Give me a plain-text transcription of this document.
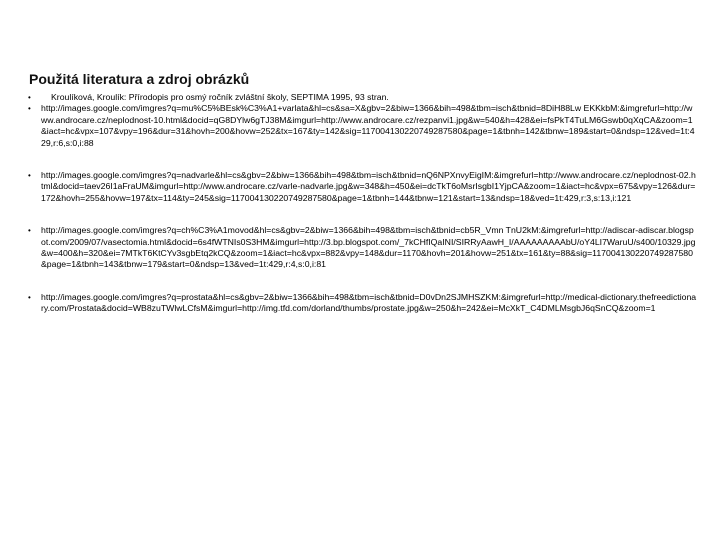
Použitá literatura a zdroj obrázků
•	Kroulíková, Kroulík: Přírodopis pro osmý ročník zvláštní školy, SEPTIMA 1995, 93 stran.
• http://images.google.com/imgres?q=mu%C5%BEsk%C3%A1+varlata&hl=cs&sa=X&gbv=2&biw=1366&bih=498&tbm=isch&tbnid=8DiH88Lw EKKkbM:&imgrefurl=http://www.androcare.cz/neplodnost-10.html&docid=qG8DYlw6gTJ38M&imgurl=http://www.androcare.cz/rezpanvi1.jpg&w=540&h=428&ei=fsPkT4TuLM6Gswb0qXqCA&zoom=1&iact=hc&vpx=107&vpy=196&dur=31&hovh=200&hovw=252&tx=167&ty=142&sig=117004130220749287580&page=1&tbnh=142&tbnw=189&start=0&ndsp=12&ved=1t:429,r:6,s:0,i:88
• http://images.google.com/imgres?q=nadvarle&hl=cs&gbv=2&biw=1366&bih=498&tbm=isch&tbnid=nQ6NPXnvyEigIM:&imgrefurl=http://www.androcare.cz/neplodnost-02.html&docid=taev26I1aFraUM&imgurl=http://www.androcare.cz/varle-nadvarle.jpg&w=348&h=450&ei=dcTkT6oMsrIsgbI1YjpCA&zoom=1&iact=hc&vpx=675&vpy=126&dur=172&hovh=255&hovw=197&tx=114&ty=245&sig=117004130220749287580&page=1&tbnh=144&tbnw=121&start=13&ndsp=18&ved=1t:429,r:3,s:13,i:121
• http://images.google.com/imgres?q=ch%C3%A1movod&hl=cs&gbv=2&biw=1366&bih=498&tbm=isch&tbnid=cb5R_Vmn TnU2kM:&imgrefurl=http://adiscar-adiscar.blogspot.com/2009/07/vasectomia.html&docid=6s4fWTNIs0S3HM&imgurl=http://3.bp.blogspot.com/_7kCHfIQaINI/SIRRyAawH_I/AAAAAAAAAbU/oY4LI7WaruU/s400/10329.jpg&w=400&h=320&ei=7MTkT6KtCYv3sgbEtq2kCQ&zoom=1&iact=hc&vpx=882&vpy=148&dur=1170&hovh=201&hovw=251&tx=161&ty=88&sig=117004130220749287580&page=1&tbnh=143&tbnw=179&start=0&ndsp=13&ved=1t:429,r:4,s:0,i:81
• http://images.google.com/imgres?q=prostata&hl=cs&gbv=2&biw=1366&bih=498&tbm=isch&tbnid=D0vDn2SJMHSZKM:&imgrefurl=http://medical-dictionary.thefreedictionary.com/Prostata&docid=WB8zuTWlwLCfsM&imgurl=http://img.tfd.com/dorland/thumbs/prostate.jpg&w=250&h=242&ei=McXkT_C4DMLMsgbJ6qSnCQ&zoom=1
